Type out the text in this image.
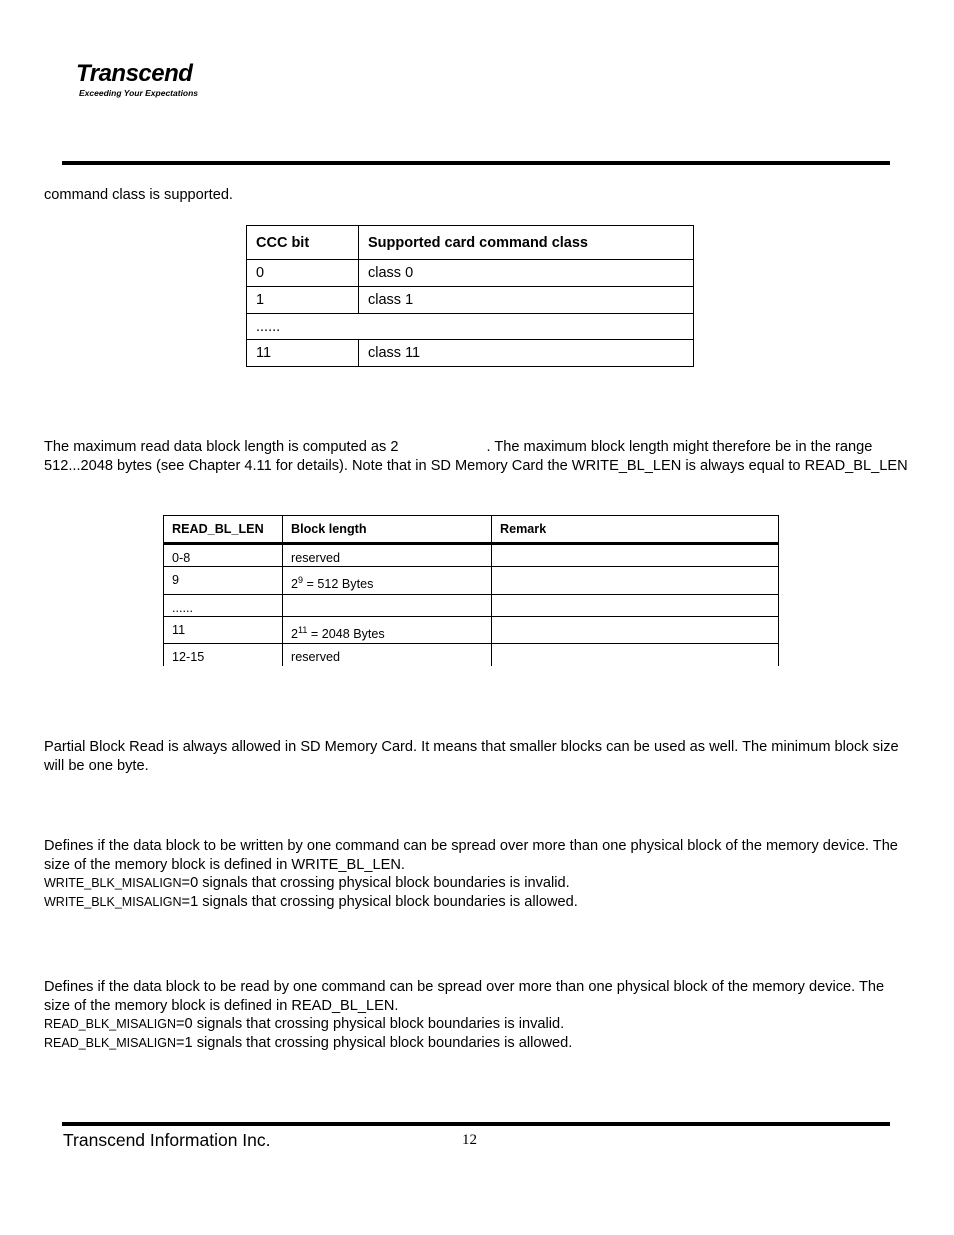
Transcend
Exceeding Your Expectations
command class is supported.
CCC bit	Supported card command class
0	class 0
1	class 1
......	
11	class 11
The maximum read data block length is computed as 2	. The maximum block length might therefore be in the range 512...2048 bytes (see Chapter 4.11 for details). Note that in SD Memory Card the WRITE_BL_LEN is always equal to READ_BL_LEN
READ_BL_LEN	Block length	Remark
0-8	reserved	
9	$2^9 = 512$ Bytes	
......		
11	$2^{11} = 2048$ Bytes	
12-15	reserved	
Partial Block Read is always allowed in SD Memory Card. It means that smaller blocks can be used as well. The minimum block size will be one byte.
Defines if the data block to be written by one command can be spread over more than one physical block of the memory device. The size of the memory block is defined in WRITE_BL_LEN.
WRITE_BLK_MISALIGN=0 signals that crossing physical block boundaries is invalid.
WRITE_BLK_MISALIGN=1 signals that crossing physical block boundaries is allowed.
Defines if the data block to be read by one command can be spread over more than one physical block of the memory device. The size of the memory block is defined in READ_BL_LEN.
READ_BLK_MISALIGN=0 signals that crossing physical block boundaries is invalid.
READ_BLK_MISALIGN=1 signals that crossing physical block boundaries is allowed.
Transcend Information Inc.	12
